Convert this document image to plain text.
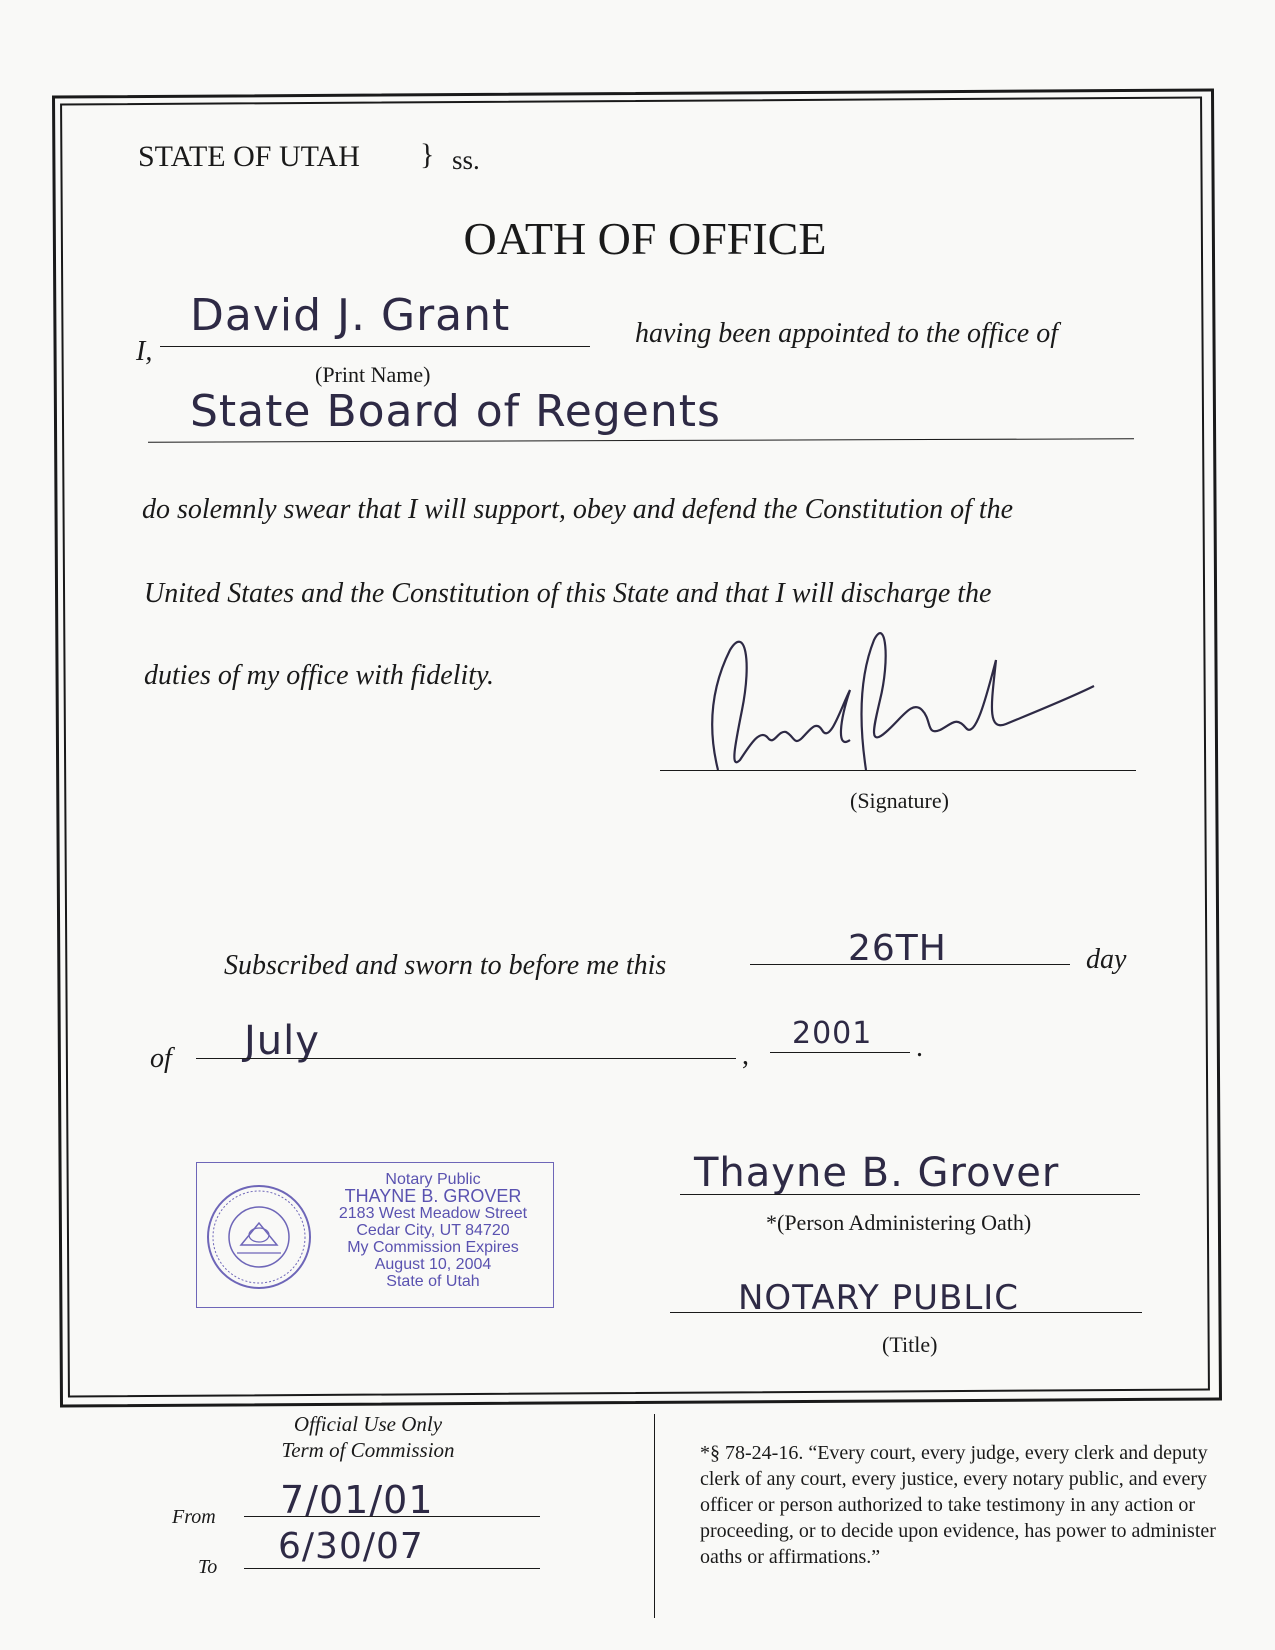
STATE OF UTAH } ss.
OATH OF OFFICE
I,
David J. Grant	having been appointed to the office of
(Print Name)
State Board of Regents
do solemnly swear that I will support, obey and defend the Constitution of the
United States and the Constitution of this State and that I will discharge the
duties of my office with fidelity.
(Signature)
Subscribed and sworn to before me this	26TH	day
of July	,
2001 .
Notary Public
THAYNE B. GROVER
2183 West Meadow Street
Cedar City, UT 84720
My Commission Expires
August 10, 2004
State of Utah
Thayne B. Grover
*(Person Administering Oath)
NOTARY PUBLIC
(Title)
Official Use Only
Term of Commission
From 7/01/01
To 6/30/07
*§ 78-24-16. “Every court, every judge, every clerk and deputy clerk of any court, every justice, every notary public, and every officer or person authorized to take testimony in any action or proceeding, or to decide upon evidence, has power to administer oaths or affirmations.”
